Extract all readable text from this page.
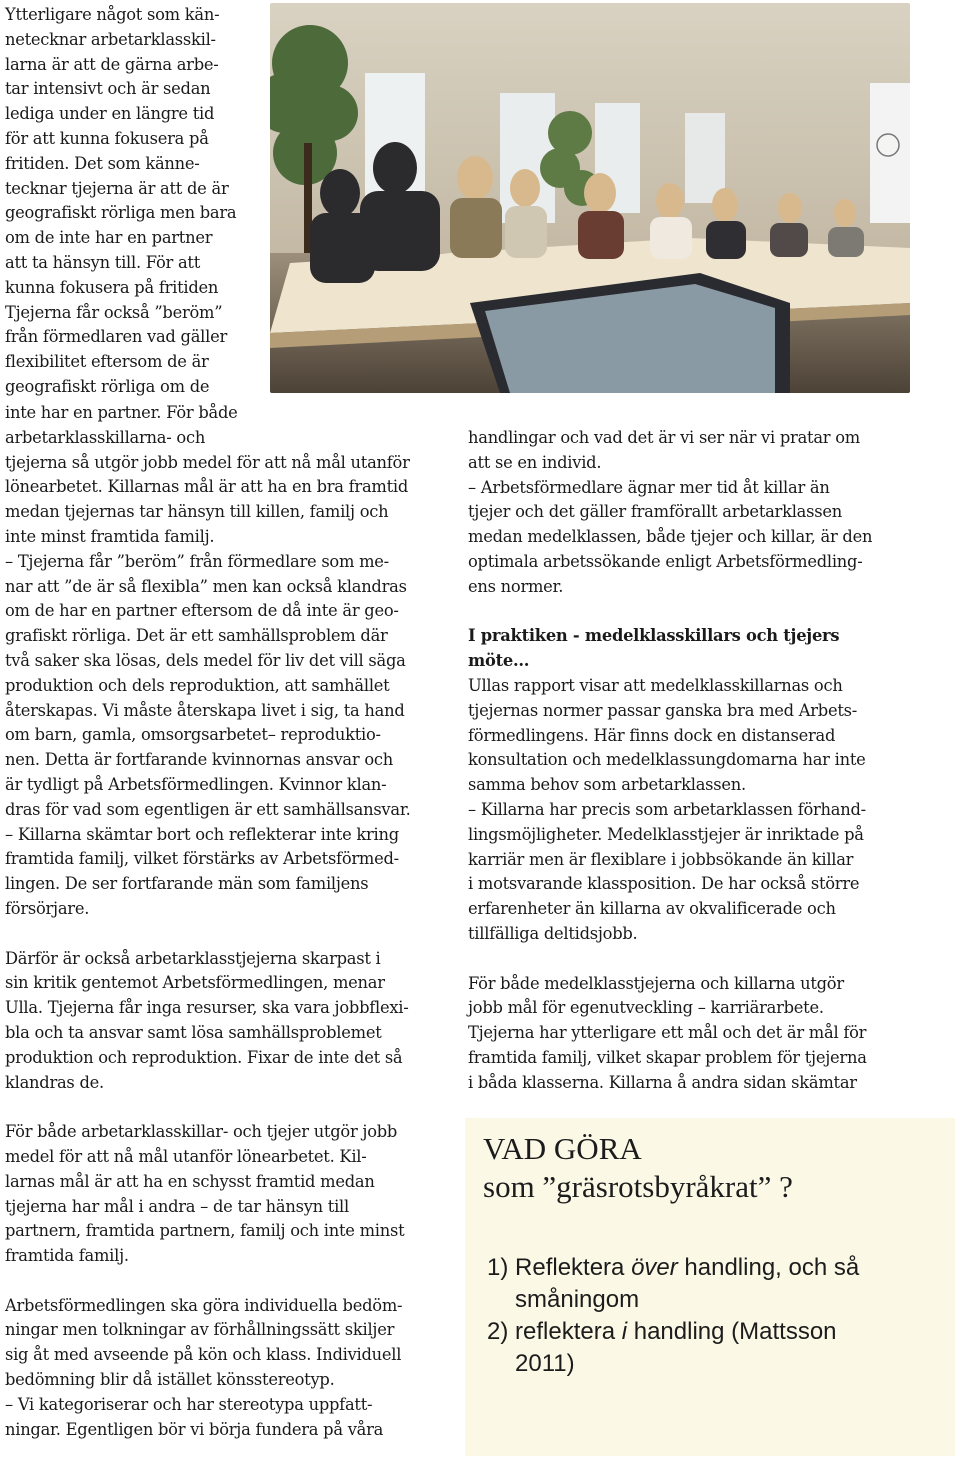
Ytterligare något som kän-
netecknar arbetarklasskil-
larna är att de gärna arbe-
tar intensivt och är sedan
lediga under en längre tid
för att kunna fokusera på
fritiden. Det som känne-
tecknar tjejerna är att de är
geografiskt rörliga men bara
om de inte har en partner
att ta hänsyn till. För att
kunna fokusera på fritiden
Tjejerna får också ”beröm”
från förmedlaren vad gäller
flexibilitet eftersom de är
geografiskt rörliga om de

inte har en partner. För både
arbetarklasskillarna- och
tjejerna så utgör jobb medel för att nå mål utanför
lönearbetet. Killarnas mål är att ha en bra framtid
medan tjejernas tar hänsyn till killen, familj och
inte minst framtida familj.
– Tjejerna får ”beröm” från förmedlare som me-
nar att ”de är så flexibla” men kan också klandras
om de har en partner eftersom de då inte är geo-
grafiskt rörliga. Det är ett samhällsproblem där
två saker ska lösas, dels medel för liv det vill säga
produktion och dels reproduktion, att samhället
återskapas. Vi måste återskapa livet i sig, ta hand
om barn, gamla, omsorgsarbetet– reproduktio-
nen. Detta är fortfarande kvinnornas ansvar och
är tydligt på Arbetsförmedlingen. Kvinnor klan-
dras för vad som egentligen är ett samhällsansvar.
– Killarna skämtar bort och reflekterar inte kring
framtida familj, vilket förstärks av Arbetsförmed-
lingen. De ser fortfarande män som familjens
försörjare.

Därför är också arbetarklasstjejerna skarpast i
sin kritik gentemot Arbetsförmedlingen, menar
Ulla. Tjejerna får inga resurser, ska vara jobbflexi-
bla och ta ansvar samt lösa samhällsproblemet
produktion och reproduktion. Fixar de inte det så
klandras de.

För både arbetarklasskillar- och tjejer utgör jobb
medel för att nå mål utanför lönearbetet. Kil-
larnas mål är att ha en schysst framtid medan
tjejerna har mål i andra – de tar hänsyn till
partnern, framtida partnern, familj och inte minst
framtida familj.

Arbetsförmedlingen ska göra individuella bedöm-
ningar men tolkningar av förhållningssätt skiljer
sig åt med avseende på kön och klass. Individuell
bedömning blir då istället könsstereotyp.
– Vi kategoriserar och har stereotypa uppfatt-
ningar. Egentligen bör vi börja fundera på våra

handlingar och vad det är vi ser när vi pratar om
att se en individ.
– Arbetsförmedlare ägnar mer tid åt killar än
tjejer och det gäller framförallt arbetarklassen
medan medelklassen, både tjejer och killar, är den
optimala arbetssökande enligt Arbetsförmedling-
ens normer.

I praktiken - medelklasskillars och tjejers
möte...

Ullas rapport visar att medelklasskillarnas och
tjejernas normer passar ganska bra med Arbets-
förmedlingens. Här finns dock en distanserad
konsultation och medelklassungdomarna har inte
samma behov som arbetarklassen.
– Killarna har precis som arbetarklassen förhand-
lingsmöjligheter. Medelklasstjejer är inriktade på
karriär men är flexiblare i jobbsökande än killar
i motsvarande klassposition. De har också större
erfarenheter än killarna av okvalificerade och
tillfälliga deltidsjobb.

För både medelklasstjejerna och killarna utgör
jobb mål för egenutveckling – karriärarbete.
Tjejerna har ytterligare ett mål och det är mål för
framtida familj, vilket skapar problem för tjejerna
i båda klasserna. Killarna å andra sidan skämtar

VAD GÖRA
som ”gräsrotsbyråkrat” ?
1) Reflektera över handling, och så
småningom
2) reflektera i handling (Mattsson
2011)
